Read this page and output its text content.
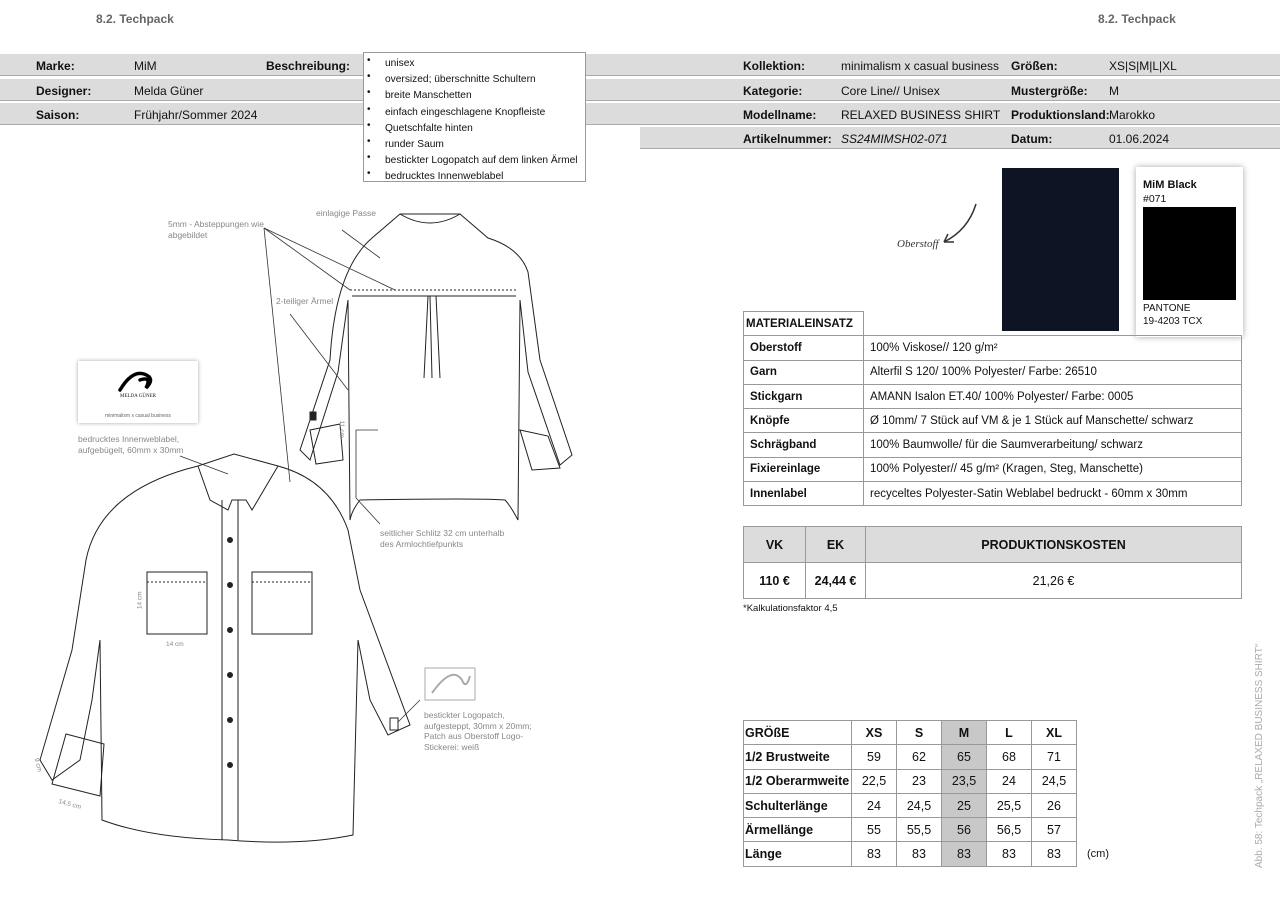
8.2. Techpack	8.2. Techpack
Marke:	MiM	Beschreibung:
Designer:	Melda Güner
Saison:	Frühjahr/Sommer 2024
• unisex
• oversized; überschnitte Schultern
• breite Manschetten
• einfach eingeschlagene Knopfleiste
• Quetschfalte hinten
• runder Saum
• bestickter Logopatch auf dem linken Ärmel
• bedrucktes Innenweblabel
Kollektion:	minimalism x casual business Größen:	XS|S|M|L|XL
Kategorie:	Core Line// Unisex	Mustergröße: M
Modellname: RELAXED BUSINESS SHIRT Produktionsland: Marokko
Artikelnummer: SS24MIMSH02-071	Datum:	01.06.2024
5mm - Absteppungen wie abgebildet
einlagige Passe
2-teiliger Ärmel
bedrucktes Innenweblabel, aufgebügelt, 60mm x 30mm
seitlicher Schlitz 32 cm unterhalb des Armlochtiefpunkts
bestickter Logopatch, aufgesteppt, 30mm x 20mm; Patch aus Oberstoff Logo-Stickerei: weiß
14 cm
14 cm
9 cm
14,5 cm
11 cm
MELDA GÜNER
minimalism x casual business
Oberstoff
MiM Black
#071
PANTONE
19-4203 TCX
MATERIALEINSATZ	
Oberstoff	100% Viskose// 120 g/m²
Garn	Alterfil S 120/ 100% Polyester/ Farbe: 26510
Stickgarn	AMANN Isalon ET.40/ 100% Polyester/ Farbe: 0005
Knöpfe	Ø 10mm/ 7 Stück auf VM & je 1 Stück auf Manschette/ schwarz
Schrägband	100% Baumwolle/ für die Saumverarbeitung/ schwarz
Fixiereinlage	100% Polyester// 45 g/m² (Kragen, Steg, Manschette)
Innenlabel	recyceltes Polyester-Satin Weblabel bedruckt - 60mm x 30mm
VK	EK	PRODUKTIONSKOSTEN
110 €	24,44 €	21,26 €
*Kalkulationsfaktor 4,5
GRÖßE	XS	S	M	L	XL	
1/2 Brustweite	59	62	65	68	71	
1/2 Oberarmweite	22,5	23	23,5	24	24,5	
Schulterlänge	24	24,5	25	25,5	26	
Ärmellänge	55	55,5	56	56,5	57	
Länge	83	83	83	83	83	(cm)	Abb. 58: Techpack „RELAXED BUSINESS SHIRT“
